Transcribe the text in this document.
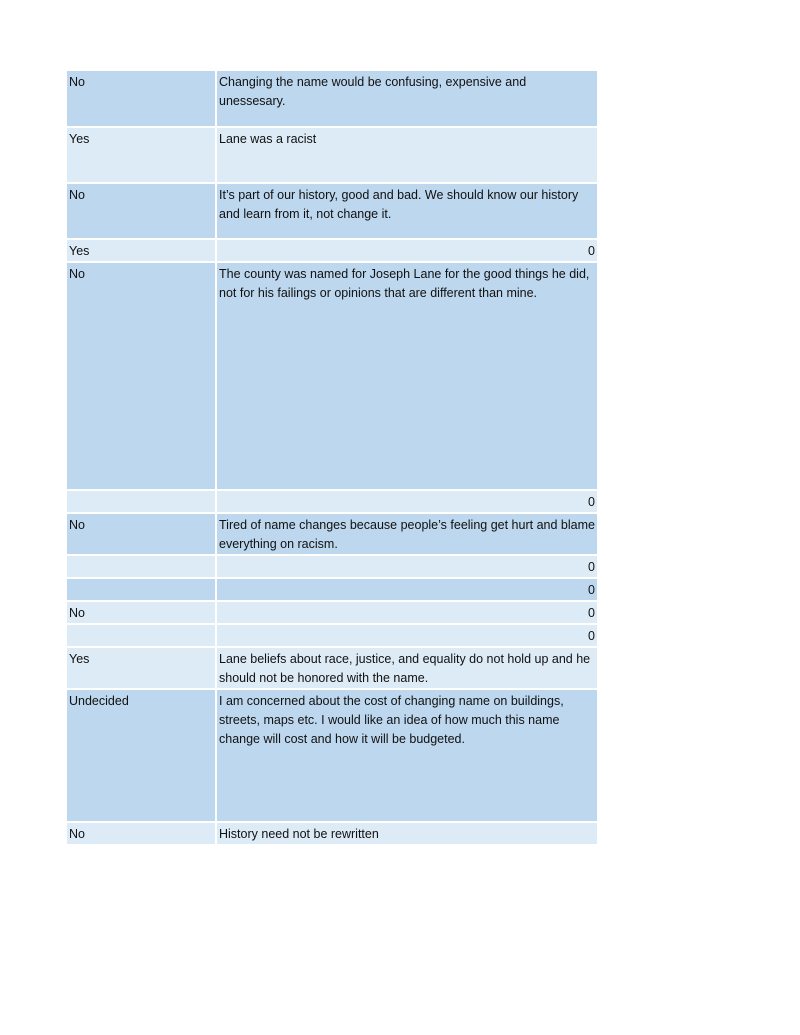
No	Changing the name would be confusing, expensive and unessesary.
Yes	Lane was a racist
No	It’s part of our history, good and bad. We should know our history and learn from it, not change it.
Yes	0
No	The county was named for Joseph Lane for the good things he did, not for his failings or opinions that are different than mine.
	0
No	Tired of name changes because people’s feeling get hurt and blame everything on racism.
	0
	0
No	0
	0
Yes	Lane beliefs about race, justice, and equality do not hold up and he should not be honored with the name.
Undecided	I am concerned about the cost of changing name on buildings, streets, maps etc. I would like an idea of how much this name change will cost and how it will be budgeted.
No	History need not be rewritten
